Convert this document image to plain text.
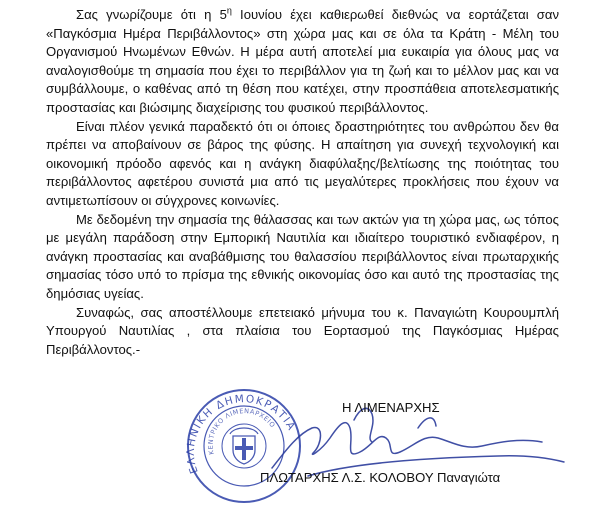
Σας γνωρίζουμε ότι η $5^\eta$ Ιουνίου έχει καθιερωθεί διεθνώς να εορτάζεται σαν «Παγκόσμια Ημέρα Περιβάλλοντος» στη χώρα μας και σε όλα τα Κράτη - Μέλη του Οργανισμού Ηνωμένων Εθνών. Η μέρα αυτή αποτελεί μια ευκαιρία για όλους μας να αναλογισθούμε τη σημασία που έχει το περιβάλλον για τη ζωή και το μέλλον μας και να συμβάλλουμε, ο καθένας από τη θέση που κατέχει, στην προσπάθεια αποτελεσματικής προστασίας και βιώσιμης διαχείρισης του φυσικού περιβάλλοντος.

Είναι πλέον γενικά παραδεκτό ότι οι όποιες δραστηριότητες του ανθρώπου δεν θα πρέπει να αποβαίνουν σε βάρος της φύσης. Η απαίτηση για συνεχή τεχνολογική και οικονομική πρόοδο αφενός και η ανάγκη διαφύλαξης/βελτίωσης της ποιότητας του περιβάλλοντος αφετέρου συνιστά μια από τις μεγαλύτερες προκλήσεις που έχουν να αντιμετωπίσουν οι σύγχρονες κοινωνίες.

Με δεδομένη την σημασία της θάλασσας και των ακτών για τη χώρα μας, ως τόπος με μεγάλη παράδοση στην Εμπορική Ναυτιλία και ιδιαίτερο τουριστικό ενδιαφέρον, η ανάγκη προστασίας και αναβάθμισης του θαλασσίου περιβάλλοντος είναι πρωταρχικής σημασίας τόσο υπό το πρίσμα της εθνικής οικονομίας όσο και αυτό της προστασίας της δημόσιας υγείας.

Συναφώς, σας αποστέλλουμε επετειακό μήνυμα του κ. Παναγιώτη Κουρουμπλή Υπουργού Ναυτιλίας , στα πλαίσια του Εορτασμού της Παγκόσμιας Ημέρας Περιβάλλοντος.-

ΕΛΛΗΝΙΚΗ ΔΗΜΟΚΡΑΤΙΑ
ΚΕΝΤΡΙΚΟ ΛΙΜΕΝΑΡΧΕΙΟ
Η ΛΙΜΕΝΑΡΧΗΣ
ΠΛΩΤΑΡΧΗΣ Λ.Σ. ΚΟΛΟΒΟΥ Παναγιώτα
